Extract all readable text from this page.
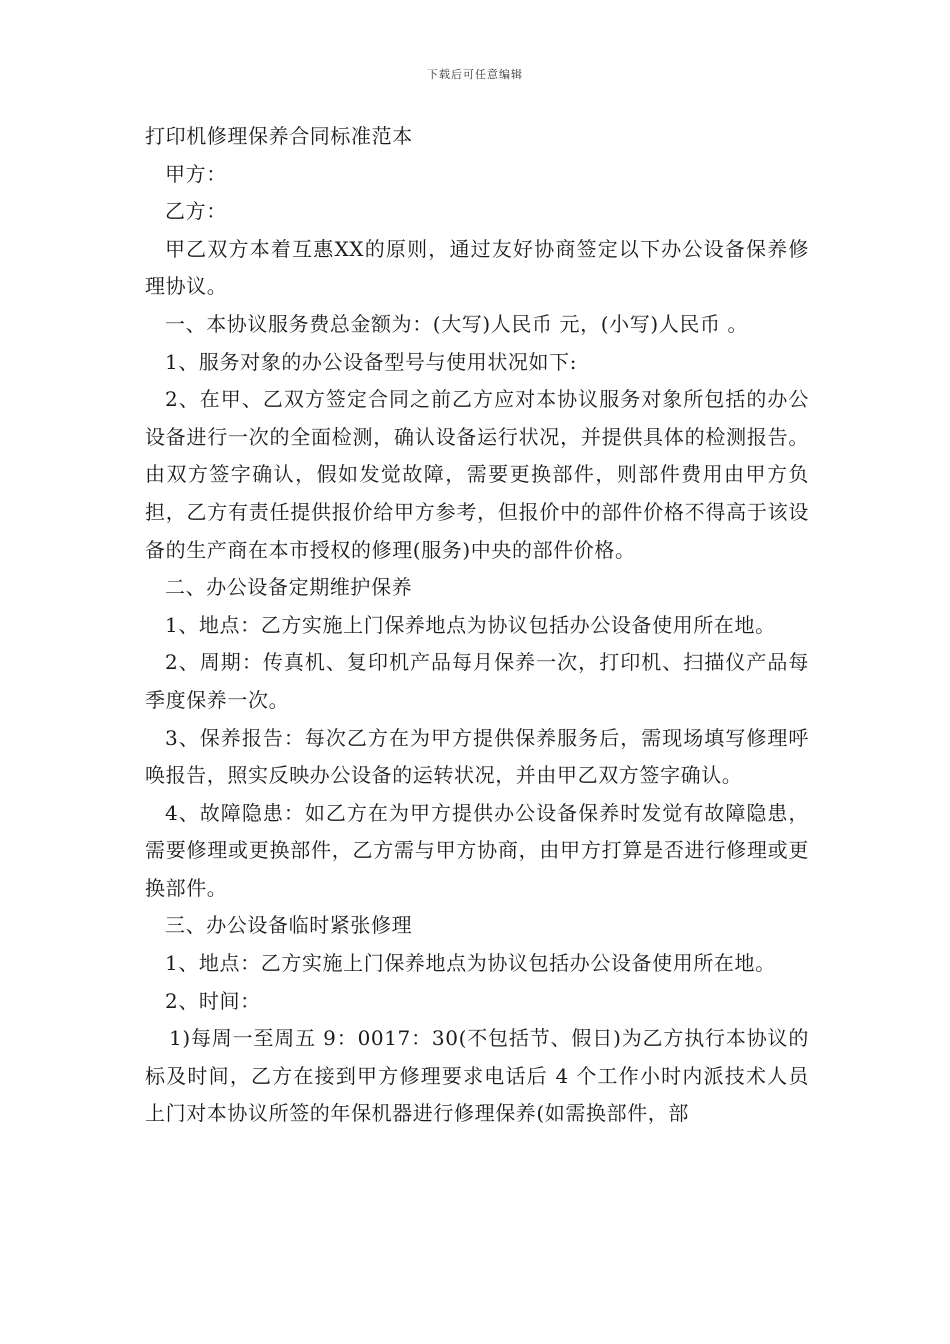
下载后可任意编辑

打印机修理保养合同标准范本

甲方：

乙方：

甲乙双方本着互惠XX的原则，通过友好协商签定以下办公设备保养修理协议。

一、本协议服务费总金额为：(大写)人民币 元，(小写)人民币 。

1、服务对象的办公设备型号与使用状况如下:

2、在甲、乙双方签定合同之前乙方应对本协议服务对象所包括的办公设备进行一次的全面检测，确认设备运行状况，并提供具体的检测报告。由双方签字确认，假如发觉故障，需要更换部件，则部件费用由甲方负担，乙方有责任提供报价给甲方参考，但报价中的部件价格不得高于该设备的生产商在本市授权的修理(服务)中央的部件价格。

二、办公设备定期维护保养

1、地点：乙方实施上门保养地点为协议包括办公设备使用所在地。

2、周期：传真机、复印机产品每月保养一次，打印机、扫描仪产品每季度保养一次。

3、保养报告：每次乙方在为甲方提供保养服务后，需现场填写修理呼唤报告，照实反映办公设备的运转状况，并由甲乙双方签字确认。

4、故障隐患：如乙方在为甲方提供办公设备保养时发觉有故障隐患，需要修理或更换部件，乙方需与甲方协商，由甲方打算是否进行修理或更换部件。

三、办公设备临时紧张修理

1、地点：乙方实施上门保养地点为协议包括办公设备使用所在地。

2、时间：

1)每周一至周五 9：0017：30(不包括节、假日)为乙方执行本协议的标及时间，乙方在接到甲方修理要求电话后 4 个工作小时内派技术人员上门对本协议所签的年保机器进行修理保养(如需换部件，部
